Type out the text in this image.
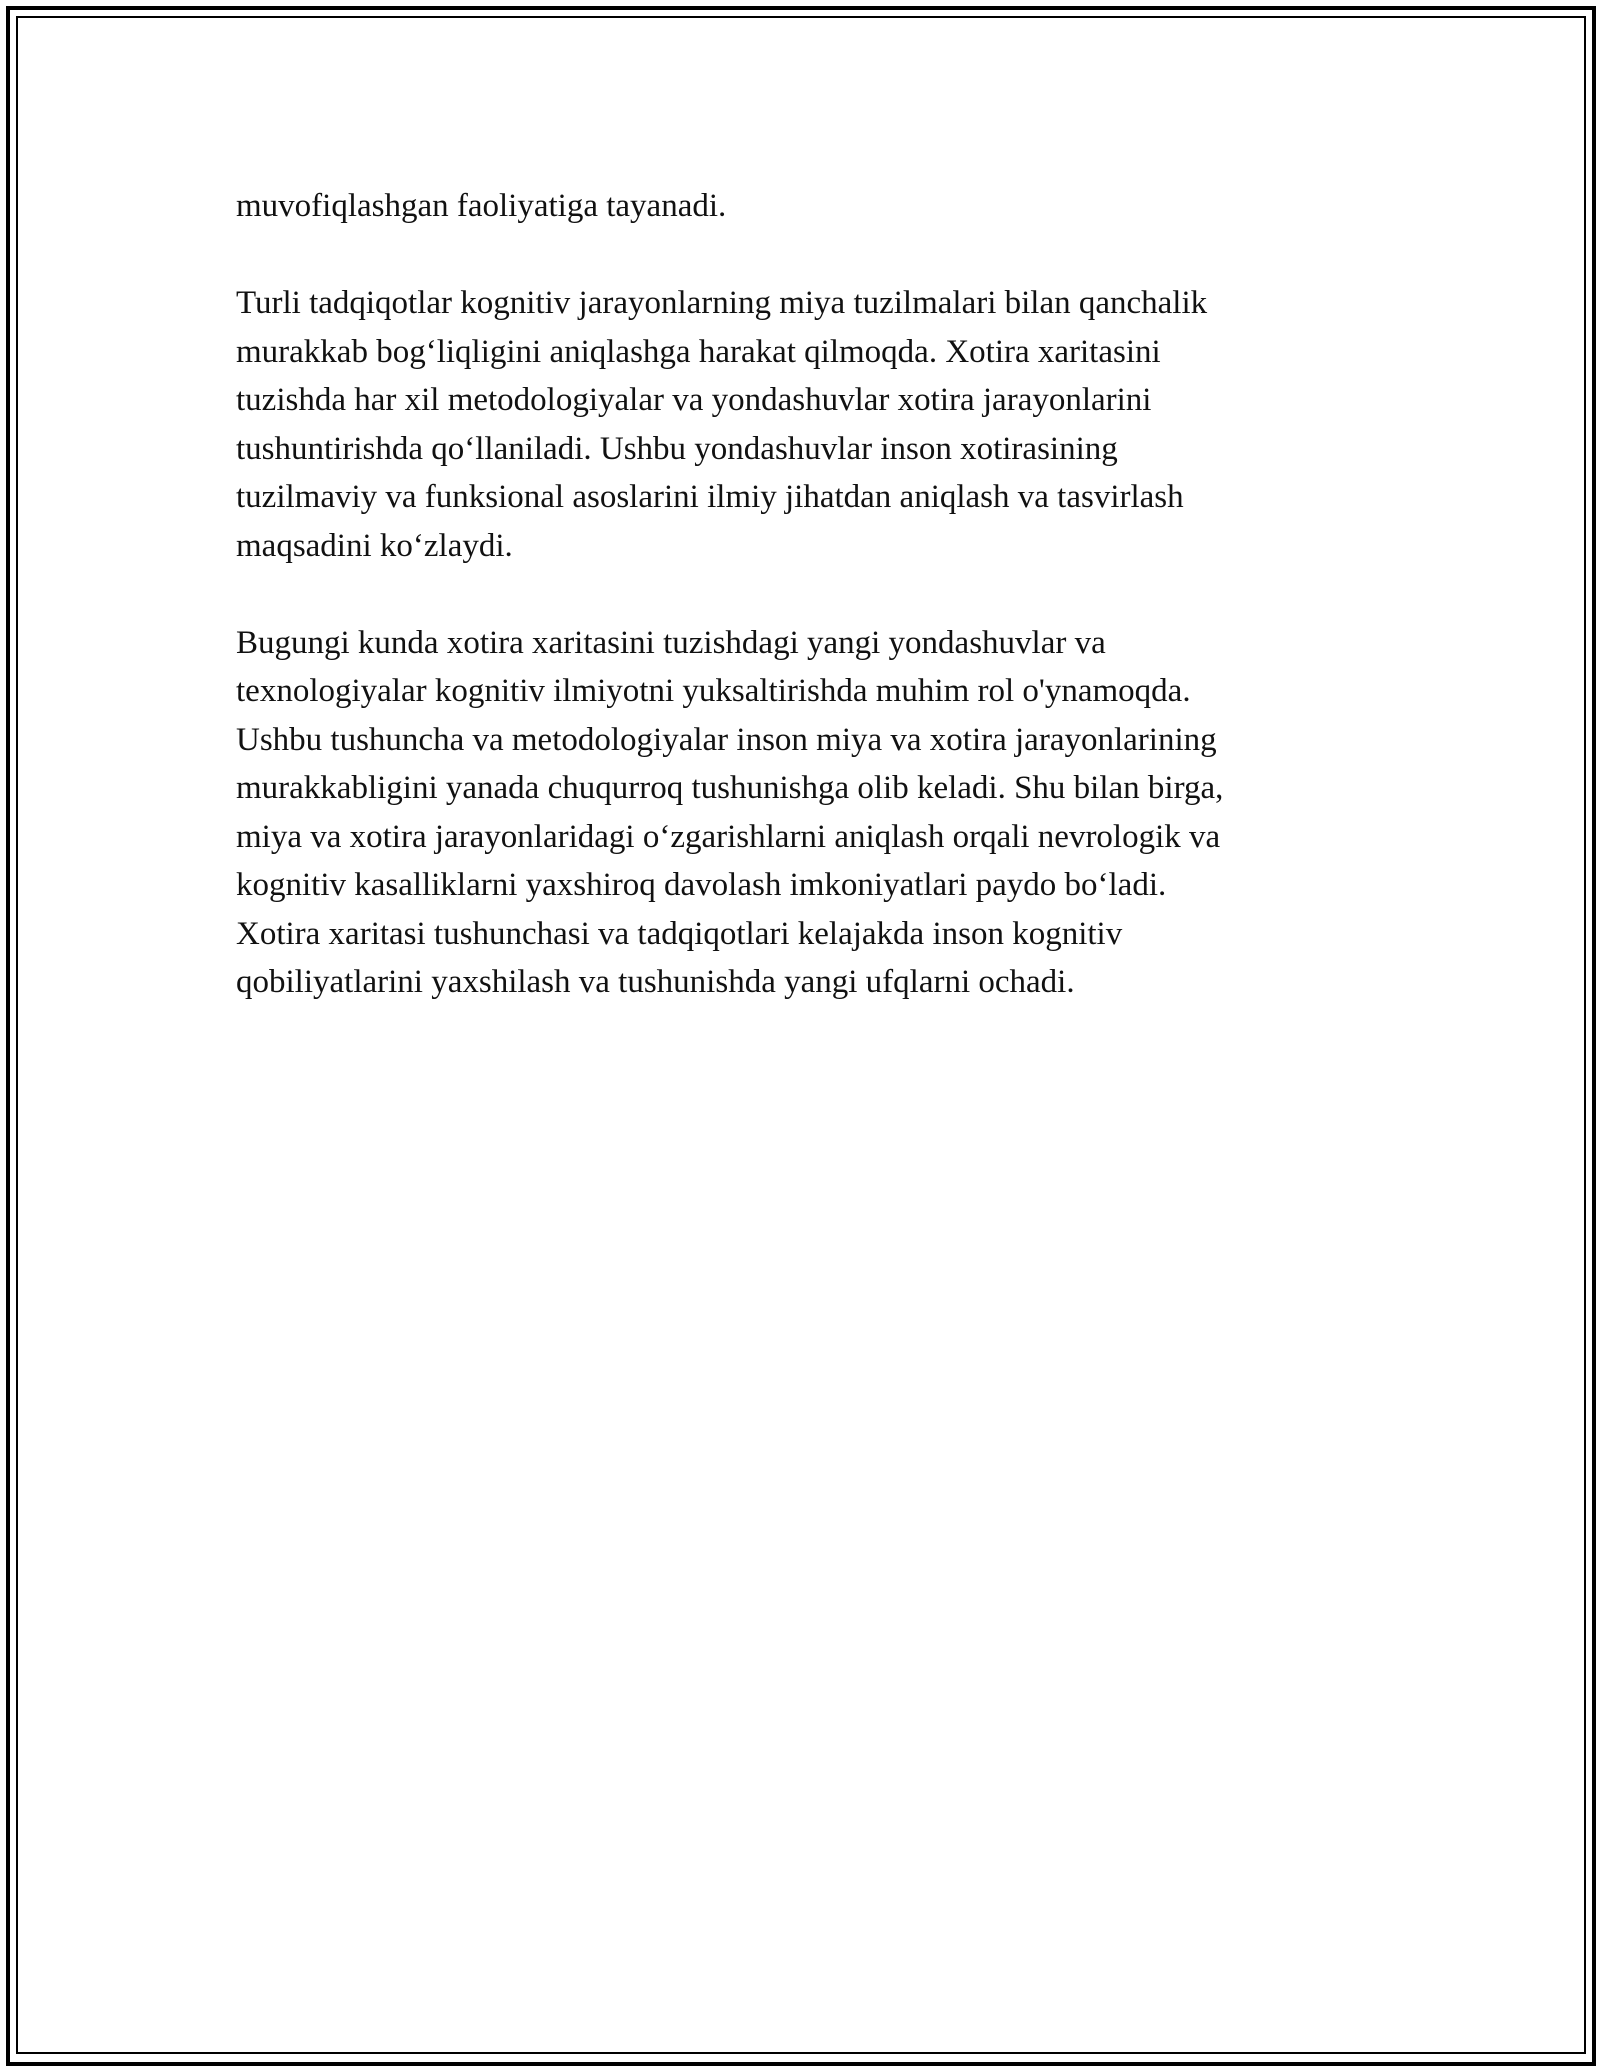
muvofiqlashgan faoliyatiga tayanadi.

Turli tadqiqotlar kognitiv jarayonlarning miya tuzilmalari bilan qanchalik
murakkab bog‘liqligini aniqlashga harakat qilmoqda. Xotira xaritasini
tuzishda har xil metodologiyalar va yondashuvlar xotira jarayonlarini
tushuntirishda qo‘llaniladi. Ushbu yondashuvlar inson xotirasining
tuzilmaviy va funksional asoslarini ilmiy jihatdan aniqlash va tasvirlash
maqsadini ko‘zlaydi.

Bugungi kunda xotira xaritasini tuzishdagi yangi yondashuvlar va
texnologiyalar kognitiv ilmiyotni yuksaltirishda muhim rol o'ynamoqda.
Ushbu tushuncha va metodologiyalar inson miya va xotira jarayonlarining
murakkabligini yanada chuqurroq tushunishga olib keladi. Shu bilan birga,
miya va xotira jarayonlaridagi o‘zgarishlarni aniqlash orqali nevrologik va
kognitiv kasalliklarni yaxshiroq davolash imkoniyatlari paydo bo‘ladi.
Xotira xaritasi tushunchasi va tadqiqotlari kelajakda inson kognitiv
qobiliyatlarini yaxshilash va tushunishda yangi ufqlarni ochadi.
